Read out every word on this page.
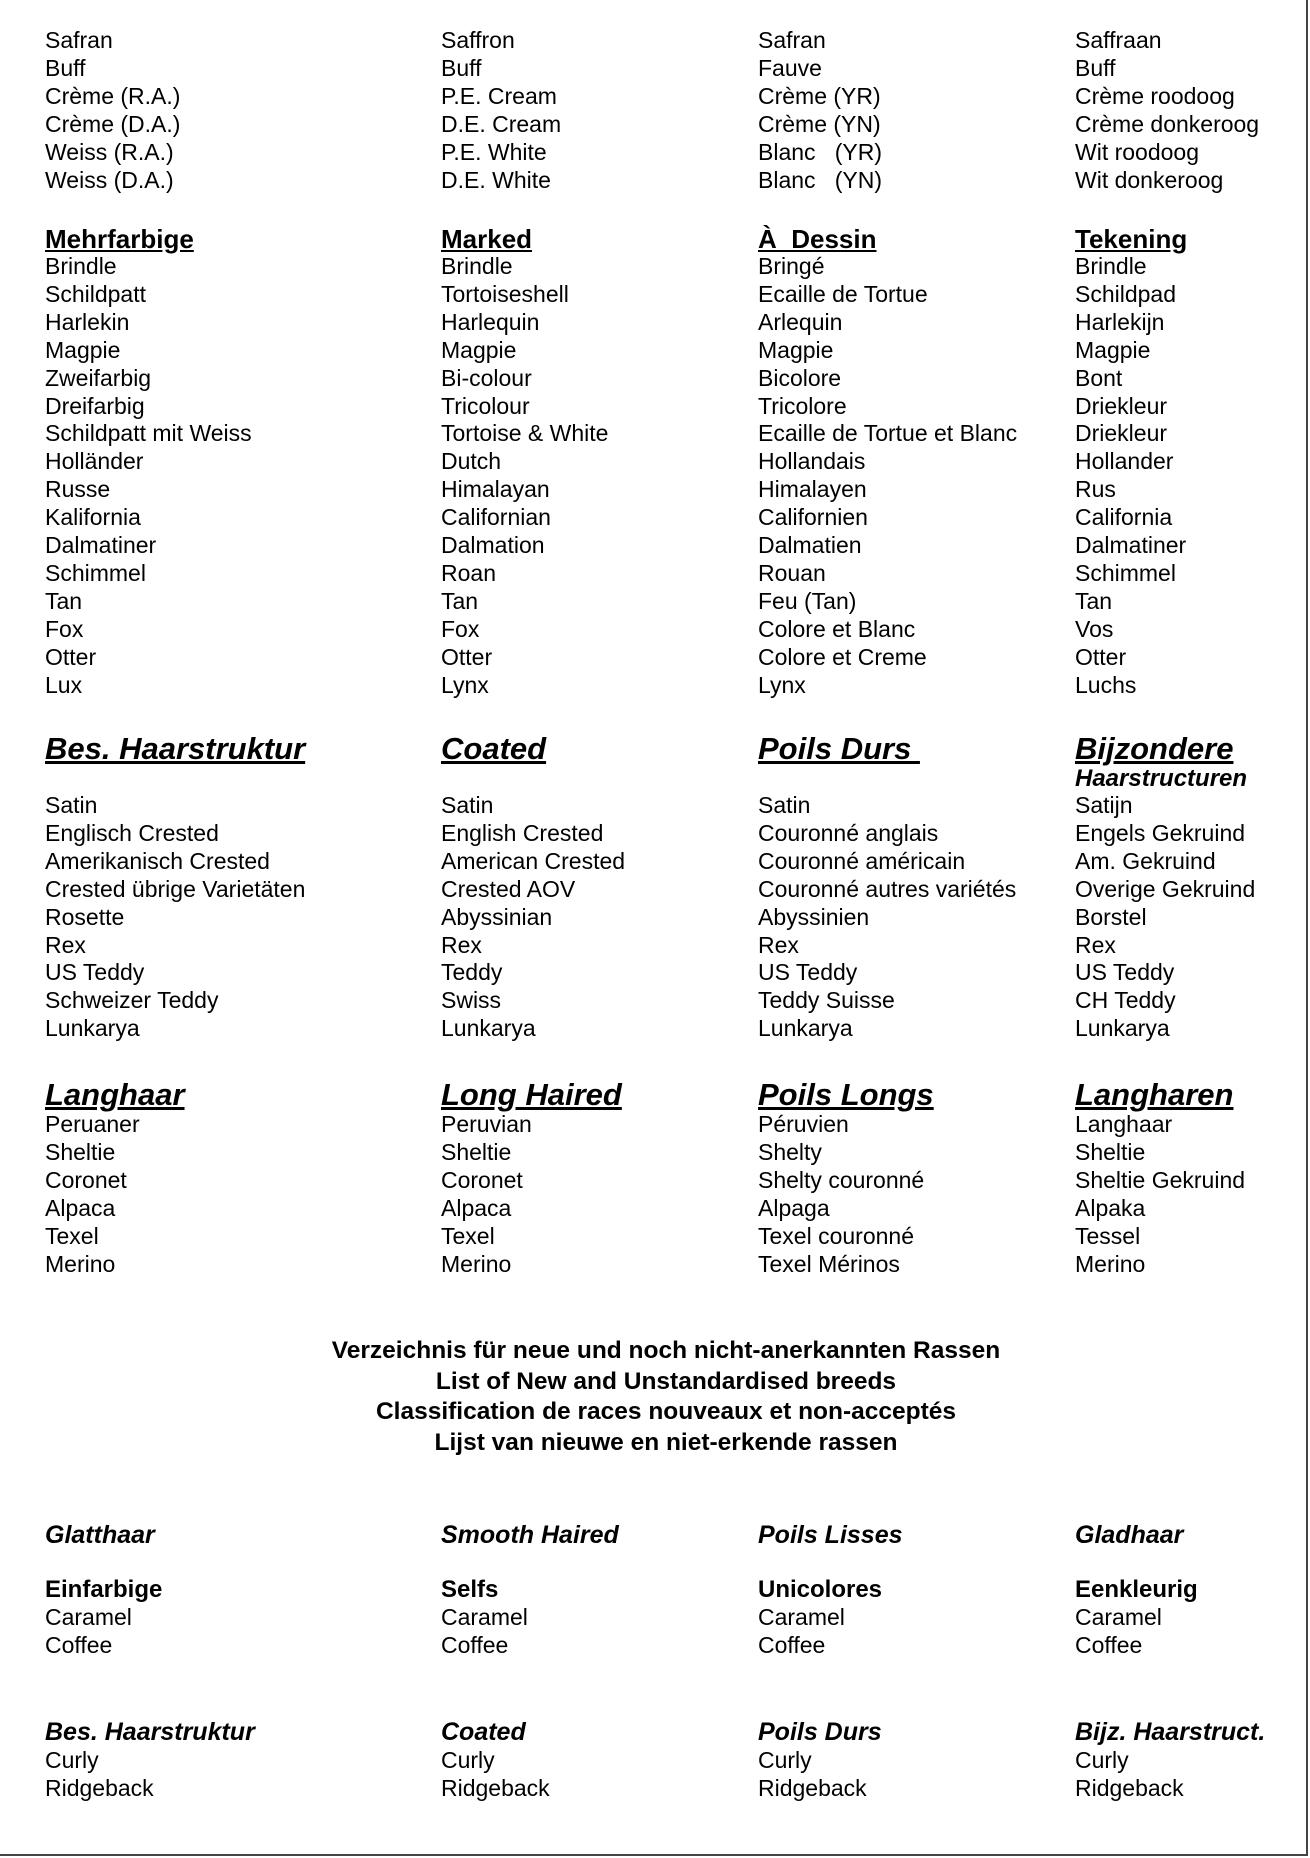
Safran
Buff
Crème (R.A.)
Crème (D.A.)
Weiss (R.A.)
Weiss (D.A.)
Saffron
Buff
P.E. Cream
D.E. Cream
P.E. White
D.E. White
Safran
Fauve
Crème (YR)
Crème (YN)
Blanc   (YR)
Blanc   (YN)
Saffraan
Buff
Crème roodoog
Crème donkeroog
Wit roodoog
Wit donkeroog
Mehrfarbige
Brindle
Schildpatt
Harlekin
Magpie
Zweifarbig
Dreifarbig
Schildpatt mit Weiss
Holländer
Russe
Kalifornia
Dalmatiner
Schimmel
Tan
Fox
Otter
Lux
Marked
Brindle
Tortoiseshell
Harlequin
Magpie
Bi-colour
Tricolour
Tortoise & White
Dutch
Himalayan
Californian
Dalmation
Roan
Tan
Fox
Otter
Lynx
À  Dessin
Bringé
Ecaille de Tortue
Arlequin
Magpie
Bicolore
Tricolore
Ecaille de Tortue et Blanc
Hollandais
Himalayen
Californien
Dalmatien
Rouan
Feu (Tan)
Colore et Blanc
Colore et Creme
Lynx
Tekening
Brindle
Schildpad
Harlekijn
Magpie
Bont
Driekleur
Driekleur
Hollander
Rus
California
Dalmatiner
Schimmel
Tan
Vos
Otter
Luchs
Bes. Haarstruktur
Satin
Englisch Crested
Amerikanisch Crested
Crested übrige Varietäten
Rosette
Rex
US Teddy
Schweizer Teddy
Lunkarya
Coated
Satin
English Crested
American Crested
Crested AOV
Abyssinian
Rex
Teddy
Swiss
Lunkarya
Poils Durs
Satin
Couronné anglais
Couronné américain
Couronné autres variétés
Abyssinien
Rex
US Teddy
Teddy Suisse
Lunkarya
Bijzondere
Haarstructuren
Satijn
Engels Gekruind
Am. Gekruind
Overige Gekruind
Borstel
Rex
US Teddy
CH Teddy
Lunkarya
Langhaar
Peruaner
Sheltie
Coronet
Alpaca
Texel
Merino
Long Haired
Peruvian
Sheltie
Coronet
Alpaca
Texel
Merino
Poils Longs
Péruvien
Shelty
Shelty couronné
Alpaga
Texel couronné
Texel Mérinos
Langharen
Langhaar
Sheltie
Sheltie Gekruind
Alpaka
Tessel
Merino
Verzeichnis für neue und noch nicht-anerkannten Rassen
List of New and Unstandardised breeds
Classification de races nouveaux et non-acceptés
Lijst van nieuwe en niet-erkende rassen
Glatthaar
Einfarbige
Caramel
Coffee
Smooth Haired
Selfs
Caramel
Coffee
Poils Lisses
Unicolores
Caramel
Coffee
Gladhaar
Eenkleurig
Caramel
Coffee
Bes. Haarstruktur
Curly
Ridgeback
Coated
Curly
Ridgeback
Poils Durs
Curly
Ridgeback
Bijz. Haarstruct.
Curly
Ridgeback
